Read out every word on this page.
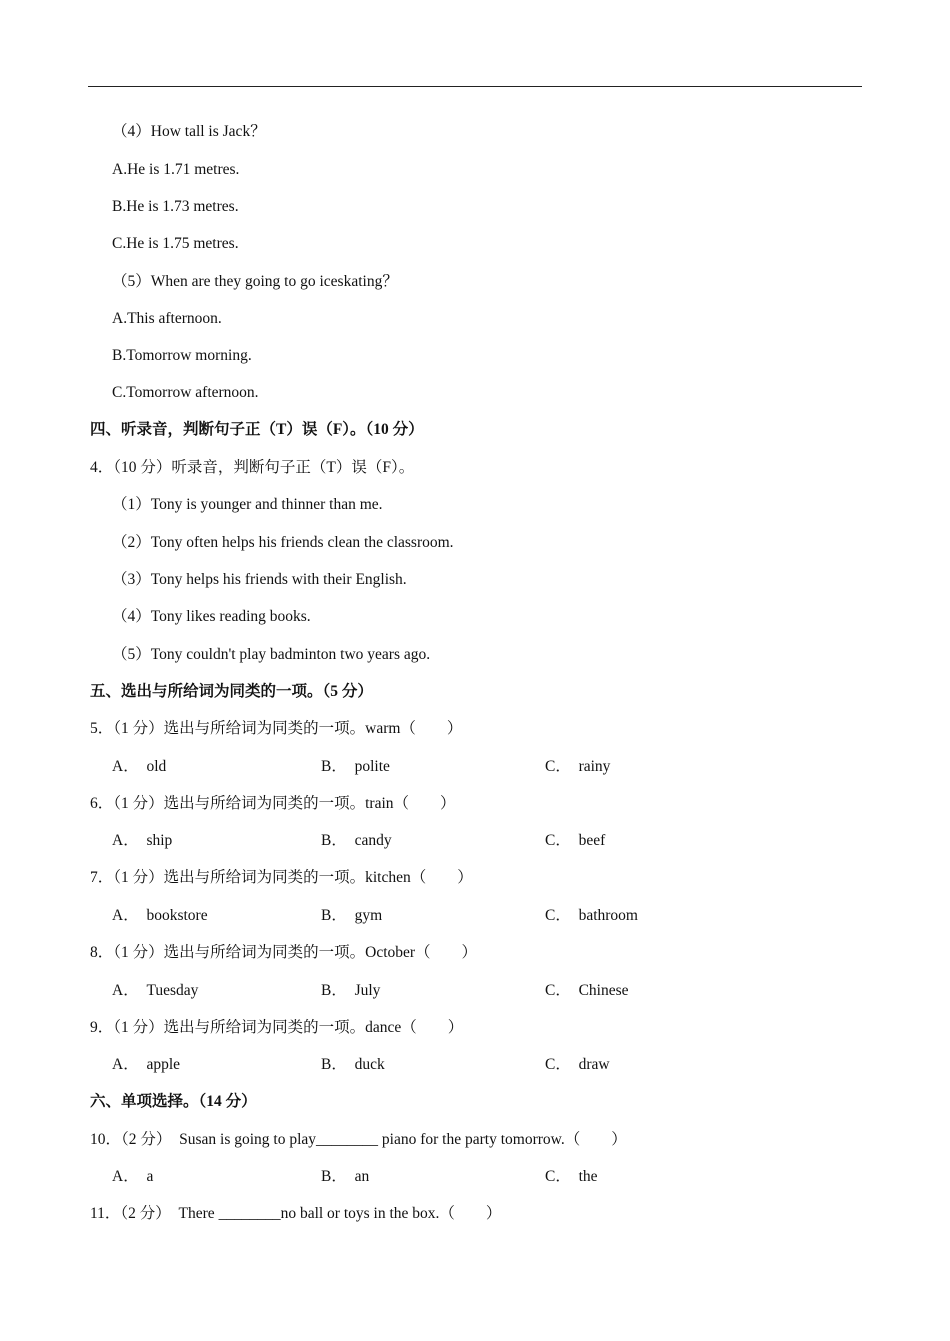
（4）How tall is Jack？
A.He is 1.71 metres.
B.He is 1.73 metres.
C.He is 1.75 metres.
（5）When are they going to go iceskating？
A.This afternoon.
B.Tomorrow morning.
C.Tomorrow afternoon.
四、听录音，判断句子正（T）误（F）。（10 分）
4．（10 分）听录音，判断句子正（T）误（F）。
（1）Tony is younger and thinner than me.
（2）Tony often helps his friends clean the classroom.
（3）Tony helps his friends with their English.
（4）Tony likes reading books.
（5）Tony couldn't play badminton two years ago.
五、选出与所给词为同类的一项。（5 分）
5．（1 分）选出与所给词为同类的一项。warm（　　）
A．　old	B．　polite	C．　rainy
6．（1 分）选出与所给词为同类的一项。train（　　）
A．　ship	B．　candy	C．　beef
7．（1 分）选出与所给词为同类的一项。kitchen（　　）
A．　bookstore	B．　gym	C．　bathroom
8．（1 分）选出与所给词为同类的一项。October（　　）
A．　Tuesday	B．　July	C．　Chinese
9．（1 分）选出与所给词为同类的一项。dance（　　）
A．　apple	B．　duck	C．　draw
六、单项选择。（14 分）
10．（2 分）  Susan is going to play________ piano for the party tomorrow.（　　）
A．　a	B．　an	C．　the
11．（2 分）  There ________no ball or toys in the box.（　　）
